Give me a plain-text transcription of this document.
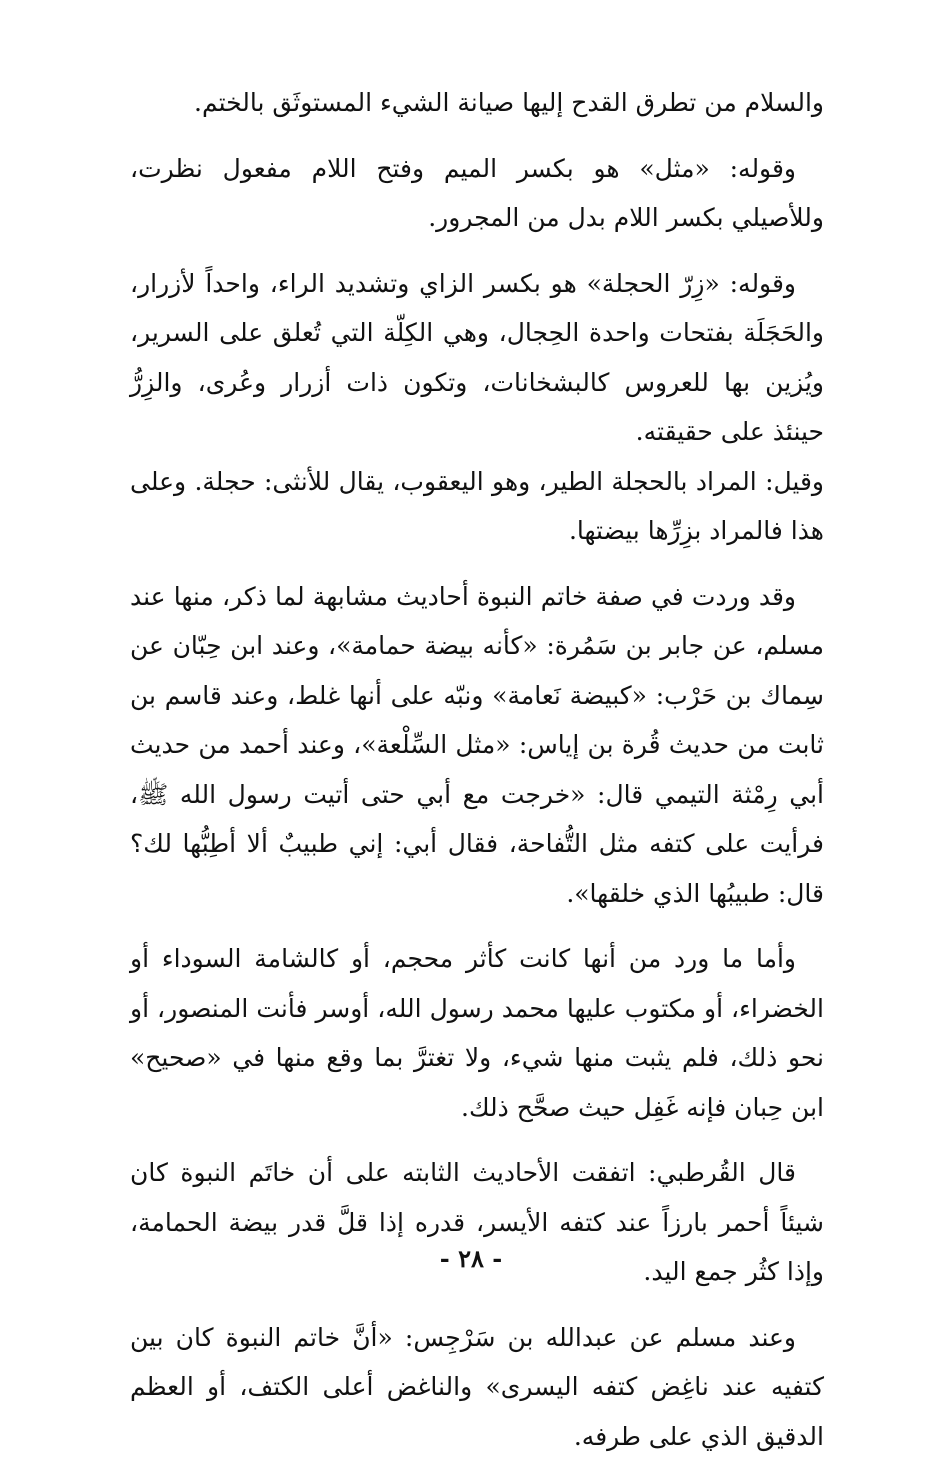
والسلام من تطرق القدح إليها صيانة الشيء المستوثَق بالختم.

وقوله: «مثل» هو بكسر الميم وفتح اللام مفعول نظرت، وللأصيلي بكسر اللام بدل من المجرور.

وقوله: «زِرّ الحجلة» هو بكسر الزاي وتشديد الراء، واحداً لأزرار، والحَجَلَة بفتحات واحدة الحِجال، وهي الكِلّة التي تُعلق على السرير، ويُزين بها للعروس كالبشخانات، وتكون ذات أزرار وعُرى، والزِرُّ حينئذ على حقيقته.

وقيل: المراد بالحجلة الطير، وهو اليعقوب، يقال للأنثى: حجلة. وعلى هذا فالمراد بزِرِّها بيضتها.

وقد وردت في صفة خاتم النبوة أحاديث مشابهة لما ذكر، منها عند مسلم، عن جابر بن سَمُرة: «كأنه بيضة حمامة»، وعند ابن حِبّان عن سِماك بن حَرْب: «كبيضة نَعامة» ونبّه على أنها غلط، وعند قاسم بن ثابت من حديث قُرة بن إياس: «مثل السِّلْعة»، وعند أحمد من حديث أبي رِمْثة التيمي قال: «خرجت مع أبي حتى أتيت رسول الله ﷺ، فرأيت على كتفه مثل التُّفاحة، فقال أبي: إني طبيبٌ ألا أطِبُّها لك؟ قال: طبيبُها الذي خلقها».

وأما ما ورد من أنها كانت كأثر محجم، أو كالشامة السوداء أو الخضراء، أو مكتوب عليها محمد رسول الله، أوسر فأنت المنصور، أو نحو ذلك، فلم يثبت منها شيء، ولا تغترَّ بما وقع منها في «صحيح» ابن حِبان فإنه غَفِل حيث صحَّح ذلك.

قال القُرطبي: اتفقت الأحاديث الثابته على أن خاتَم النبوة كان شيئاً أحمر بارزاً عند كتفه الأيسر، قدره إذا قلَّ قدر بيضة الحمامة، وإذا كثُر جمع اليد.

وعند مسلم عن عبدالله بن سَرْجِس: «أنَّ خاتم النبوة كان بين كتفيه عند ناغِض كتفه اليسرى» والناغض أعلى الكتف، أو العظم الدقيق الذي على طرفه.

- ٢٨ -
